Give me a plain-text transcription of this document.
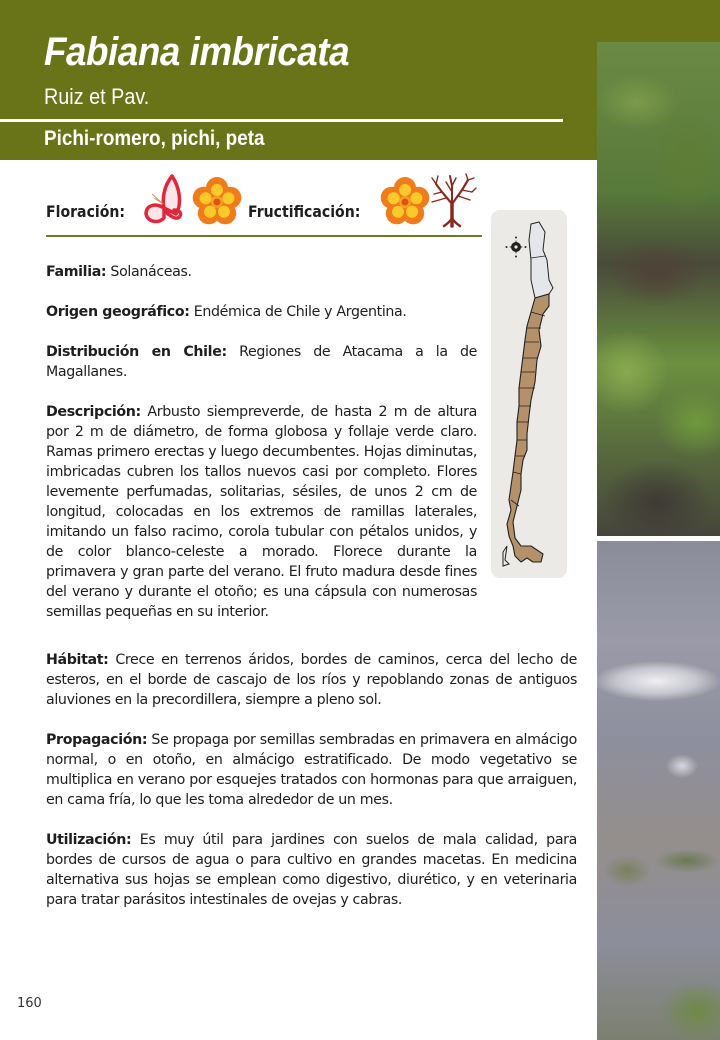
Fabiana imbricata
Ruiz et Pav.
Pichi-romero, pichi, peta
Floración:	Fructificación:

Familia: Solanáceas.

Origen geográfico: Endémica de Chile y Argentina.

Distribución en Chile: Regiones de Atacama a la de Magallanes.

Descripción: Arbusto siempreverde, de hasta 2 m de altura por 2 m de diámetro, de forma globosa y follaje verde claro. Ramas primero erectas y luego decumbentes. Hojas diminutas, imbricadas cubren los tallos nuevos casi por completo. Flores levemente perfumadas, solitarias, sésiles, de unos 2 cm de longitud, colocadas en los extremos de ramillas laterales, imitando un falso racimo, corola tubular con pétalos unidos, y de color blanco-celeste a morado. Florece durante la primavera y gran parte del verano. El fruto madura desde fines del verano y durante el otoño; es una cápsula con numerosas semillas pequeñas en su interior.

Hábitat: Crece en terrenos áridos, bordes de caminos, cerca del lecho de esteros, en el borde de cascajo de los ríos y repoblando zonas de antiguos aluviones en la precordillera, siempre a pleno sol.

Propagación: Se propaga por semillas sembradas en primavera en almácigo normal, o en otoño, en almácigo estratificado. De modo vegetativo se multiplica en verano por esquejes tratados con hormonas para que arraiguen, en cama fría, lo que les toma alrededor de un mes.

Utilización: Es muy útil para jardines con suelos de mala calidad, para bordes de cursos de agua o para cultivo en grandes macetas. En medicina alternativa sus hojas se emplean como digestivo, diurético, y en veterinaria para tratar parásitos intestinales de ovejas y cabras.

160
